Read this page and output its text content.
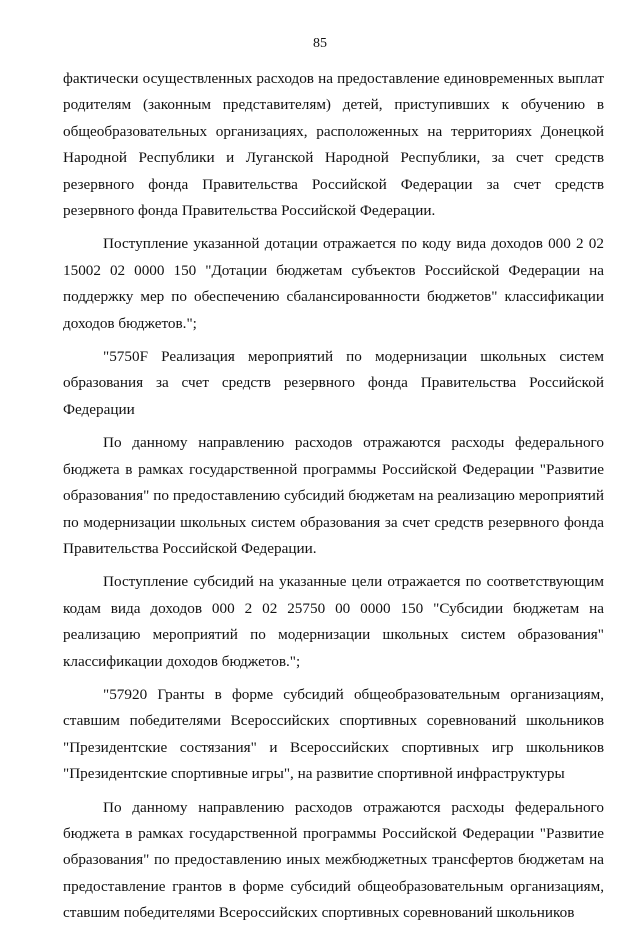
85

фактически осуществленных расходов на предоставление единовременных выплат родителям (законным представителям) детей, приступивших к обучению в общеобразовательных организациях, расположенных на территориях Донецкой Народной Республики и Луганской Народной Республики, за счет средств резервного фонда Правительства Российской Федерации за счет средств резервного фонда Правительства Российской Федерации.

Поступление указанной дотации отражается по коду вида доходов 000 2 02 15002 02 0000 150 "Дотации бюджетам субъектов Российской Федерации на поддержку мер по обеспечению сбалансированности бюджетов" классификации доходов бюджетов.";

"5750F Реализация мероприятий по модернизации школьных систем образования за счет средств резервного фонда Правительства Российской Федерации

По данному направлению расходов отражаются расходы федерального бюджета в рамках государственной программы Российской Федерации "Развитие образования" по предоставлению субсидий бюджетам на реализацию мероприятий по модернизации школьных систем образования за счет средств резервного фонда Правительства Российской Федерации.

Поступление субсидий на указанные цели отражается по соответствующим кодам вида доходов 000 2 02 25750 00 0000 150 "Субсидии бюджетам на реализацию мероприятий по модернизации школьных систем образования" классификации доходов бюджетов.";

"57920 Гранты в форме субсидий общеобразовательным организациям, ставшим победителями Всероссийских спортивных соревнований школьников "Президентские состязания" и Всероссийских спортивных игр школьников "Президентские спортивные игры", на развитие спортивной инфраструктуры

По данному направлению расходов отражаются расходы федерального бюджета в рамках государственной программы Российской Федерации "Развитие образования" по предоставлению иных межбюджетных трансфертов бюджетам на предоставление грантов в форме субсидий общеобразовательным организациям, ставшим победителями Всероссийских спортивных соревнований школьников
